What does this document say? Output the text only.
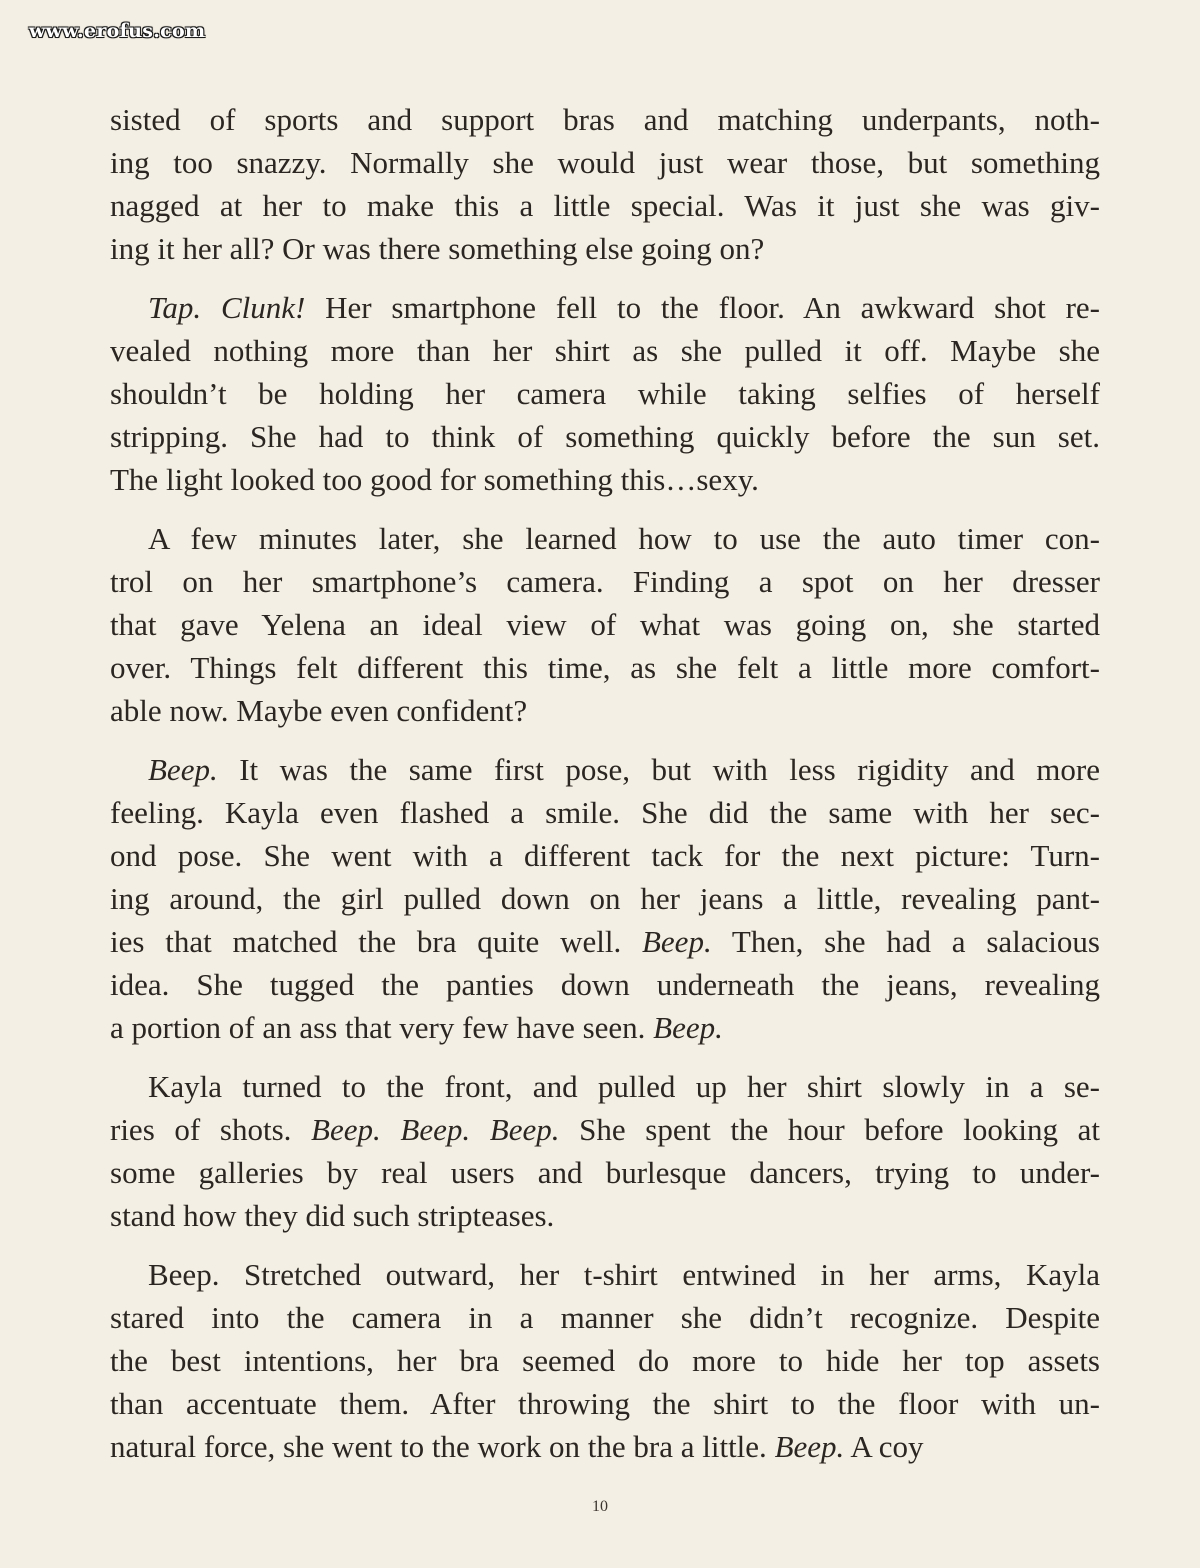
www.erofus.com
sisted of sports and support bras and matching underpants, noth-
ing too snazzy. Normally she would just wear those, but something
nagged at her to make this a little special. Was it just she was giv-
ing it her all? Or was there something else going on?
Tap. Clunk! Her smartphone fell to the floor. An awkward shot re-
vealed nothing more than her shirt as she pulled it off. Maybe she
shouldn’t be holding her camera while taking selfies of herself
stripping. She had to think of something quickly before the sun set.
The light looked too good for something this…sexy.
A few minutes later, she learned how to use the auto timer con-
trol on her smartphone’s camera. Finding a spot on her dresser
that gave Yelena an ideal view of what was going on, she started
over. Things felt different this time, as she felt a little more comfort-
able now. Maybe even confident?
Beep. It was the same first pose, but with less rigidity and more
feeling. Kayla even flashed a smile. She did the same with her sec-
ond pose. She went with a different tack for the next picture: Turn-
ing around, the girl pulled down on her jeans a little, revealing pant-
ies that matched the bra quite well. Beep. Then, she had a salacious
idea. She tugged the panties down underneath the jeans, revealing
a portion of an ass that very few have seen. Beep.
Kayla turned to the front, and pulled up her shirt slowly in a se-
ries of shots. Beep. Beep. Beep. She spent the hour before looking at
some galleries by real users and burlesque dancers, trying to under-
stand how they did such stripteases.
Beep. Stretched outward, her t-shirt entwined in her arms, Kayla
stared into the camera in a manner she didn’t recognize. Despite
the best intentions, her bra seemed do more to hide her top assets
than accentuate them. After throwing the shirt to the floor with un-
natural force, she went to the work on the bra a little. Beep. A coy
10
